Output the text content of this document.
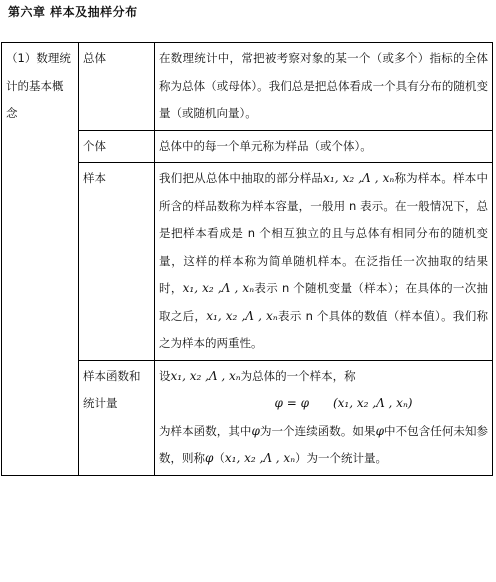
第六章 样本及抽样分布
（1）数理统计的基本概念	总体	在数理统计中，常把被考察对象的某一个（或多个）指标的全体称为总体（或母体）。我们总是把总体看成一个具有分布的随机变量（或随机向量）。
	个体	总体中的每一个单元称为样品（或个体）。
	样本	我们把从总体中抽取的部分样品x₁, x₂ ,Λ , xₙ称为样本。样本中所含的样品数称为样本容量，一般用 n 表示。在一般情况下，总是把样本看成是 n 个相互独立的且与总体有相同分布的随机变量，这样的样本称为简单随机样本。在泛指任一次抽取的结果时，x₁, x₂ ,Λ , xₙ表示 n 个随机变量（样本）；在具体的一次抽取之后，x₁, x₂ ,Λ , xₙ表示 n 个具体的数值（样本值）。我们称之为样本的两重性。
	样本函数和统计量	设x₁, x₂ ,Λ , xₙ为总体的一个样本，称
φ = φ　　(x₁, x₂ ,Λ , xₙ)
为样本函数，其中φ为一个连续函数。如果φ中不包含任何未知参数，则称φ（x₁, x₂ ,Λ , xₙ）为一个统计量。
